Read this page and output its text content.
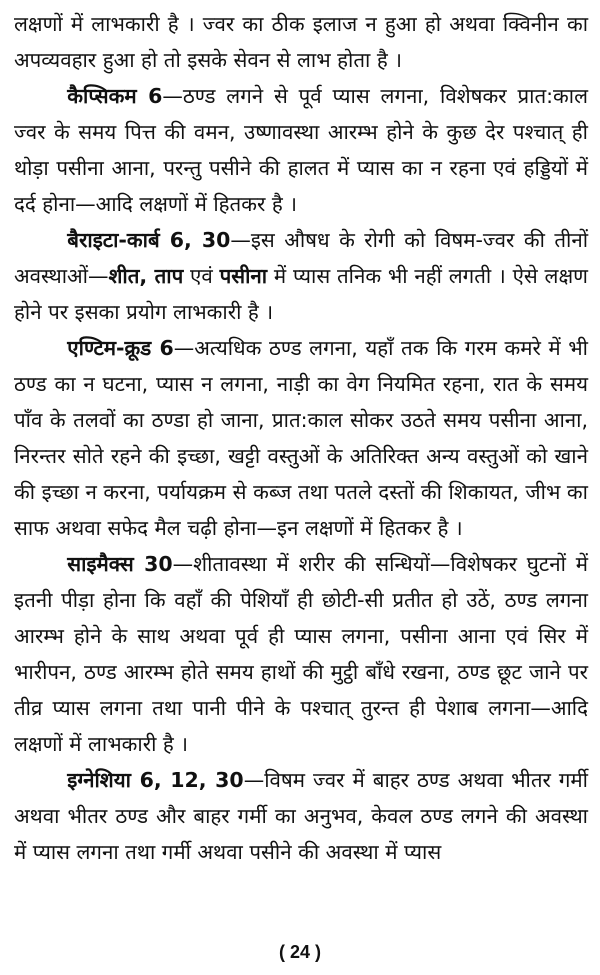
लक्षणों में लाभकारी है । ज्वर का ठीक इलाज न हुआ हो अथवा क्विनीन का अपव्यवहार हुआ हो तो इसके सेवन से लाभ होता है ।

कैप्सिकम 6—ठण्ड लगने से पूर्व प्यास लगना, विशेषकर प्रात:काल ज्वर के समय पित्त की वमन, उष्णावस्था आरम्भ होने के कुछ देर पश्चात् ही थोड़ा पसीना आना, परन्तु पसीने की हालत में प्यास का न रहना एवं हड्डियों में दर्द होना—आदि लक्षणों में हितकर है ।

बैराइटा-कार्ब 6, 30—इस औषध के रोगी को विषम-ज्वर की तीनों अवस्थाओं—शीत, ताप एवं पसीना में प्यास तनिक भी नहीं लगती । ऐसे लक्षण होने पर इसका प्रयोग लाभकारी है ।

एण्टिम-क्रूड 6—अत्यधिक ठण्ड लगना, यहाँ तक कि गरम कमरे में भी ठण्ड का न घटना, प्यास न लगना, नाड़ी का वेग नियमित रहना, रात के समय पाँव के तलवों का ठण्डा हो जाना, प्रात:काल सोकर उठते समय पसीना आना, निरन्तर सोते रहने की इच्छा, खट्टी वस्तुओं के अतिरिक्त अन्य वस्तुओं को खाने की इच्छा न करना, पर्यायक्रम से कब्ज तथा पतले दस्तों की शिकायत, जीभ का साफ अथवा सफेद मैल चढ़ी होना—इन लक्षणों में हितकर है ।

साइमैक्स 30—शीतावस्था में शरीर की सन्धियों—विशेषकर घुटनों में इतनी पीड़ा होना कि वहाँ की पेशियाँ ही छोटी-सी प्रतीत हो उठें, ठण्ड लगना आरम्भ होने के साथ अथवा पूर्व ही प्यास लगना, पसीना आना एवं सिर में भारीपन, ठण्ड आरम्भ होते समय हाथों की मुट्ठी बाँधे रखना, ठण्ड छूट जाने पर तीव्र प्यास लगना तथा पानी पीने के पश्चात् तुरन्त ही पेशाब लगना—आदि लक्षणों में लाभकारी है ।

इग्नेशिया 6, 12, 30—विषम ज्वर में बाहर ठण्ड अथवा भीतर गर्मी अथवा भीतर ठण्ड और बाहर गर्मी का अनुभव, केवल ठण्ड लगने की अवस्था में प्यास लगना तथा गर्मी अथवा पसीने की अवस्था में प्यास

( 24 )
